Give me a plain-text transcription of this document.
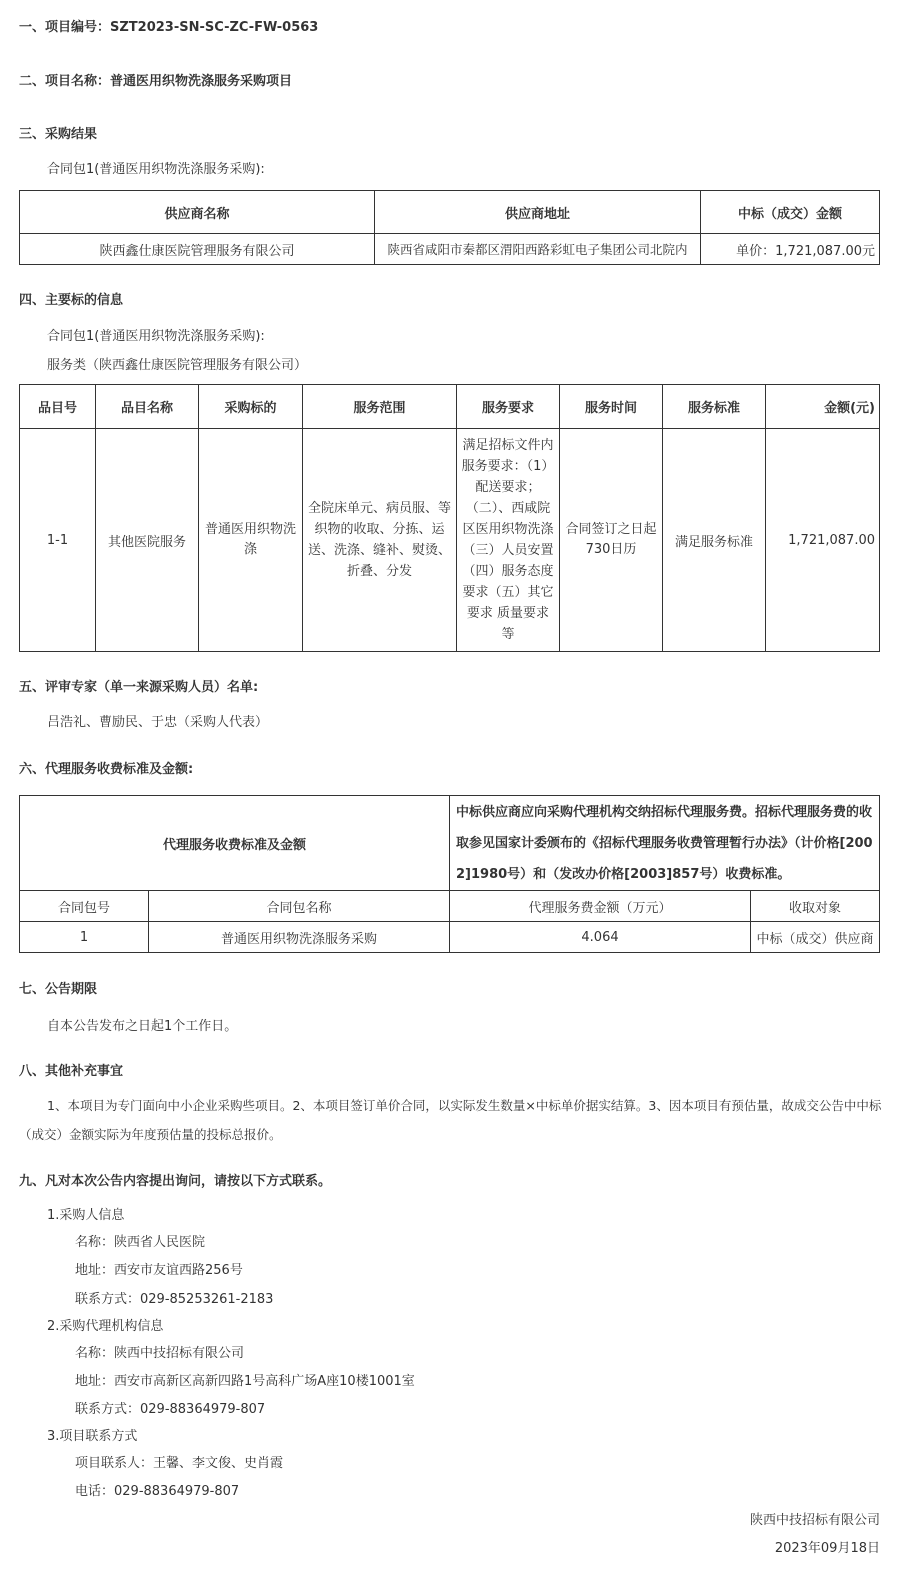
一、项目编号：SZT2023-SN-SC-ZC-FW-0563
二、项目名称：普通医用织物洗涤服务采购项目
三、采购结果
合同包1(普通医用织物洗涤服务采购):
供应商名称	供应商地址	中标（成交）金额
陕西鑫仕康医院管理服务有限公司	陕西省咸阳市秦都区渭阳西路彩虹电子集团公司北院内	单价：1,721,087.00元
四、主要标的信息
合同包1(普通医用织物洗涤服务采购):
服务类（陕西鑫仕康医院管理服务有限公司）
品目号	品目名称	采购标的	服务范围	服务要求	服务时间	服务标准	金额(元)
1-1	其他医院服务	普通医用织物洗涤	全院床单元、病员服、等织物的收取、分拣、运送、洗涤、缝补、熨烫、折叠、分发	满足招标文件内服务要求：（1）配送要求；（二）、西咸院区医用织物洗涤（三）人员安置（四）服务态度要求（五）其它要求 质量要求等	合同签订之日起730日历	满足服务标准	1,721,087.00
五、评审专家（单一来源采购人员）名单:
吕浩礼、曹励民、于忠（采购人代表）
六、代理服务收费标准及金额:
代理服务收费标准及金额		中标供应商应向采购代理机构交纳招标代理服务费。招标代理服务费的收取参见国家计委颁布的《招标代理服务收费管理暂行办法》（计价格[2002]1980号）和（发改办价格[2003]857号）收费标准。	
合同包号	合同包名称	代理服务费金额（万元）	收取对象
1	普通医用织物洗涤服务采购	4.064	中标（成交）供应商
七、公告期限
自本公告发布之日起1个工作日。
八、其他补充事宜
1、本项目为专门面向中小企业采购些项目。2、本项目签订单价合同，以实际发生数量×中标单价据实结算。3、因本项目有预估量，故成交公告中中标
（成交）金额实际为年度预估量的投标总报价。
九、凡对本次公告内容提出询问，请按以下方式联系。
1.采购人信息
名称：陕西省人民医院
地址：西安市友谊西路256号
联系方式：029-85253261-2183
2.采购代理机构信息
名称：陕西中技招标有限公司
地址：西安市高新区高新四路1号高科广场A座10楼1001室
联系方式：029-88364979-807
3.项目联系方式
项目联系人：王馨、李文俊、史肖霞
电话：029-88364979-807
陕西中技招标有限公司
2023年09月18日
